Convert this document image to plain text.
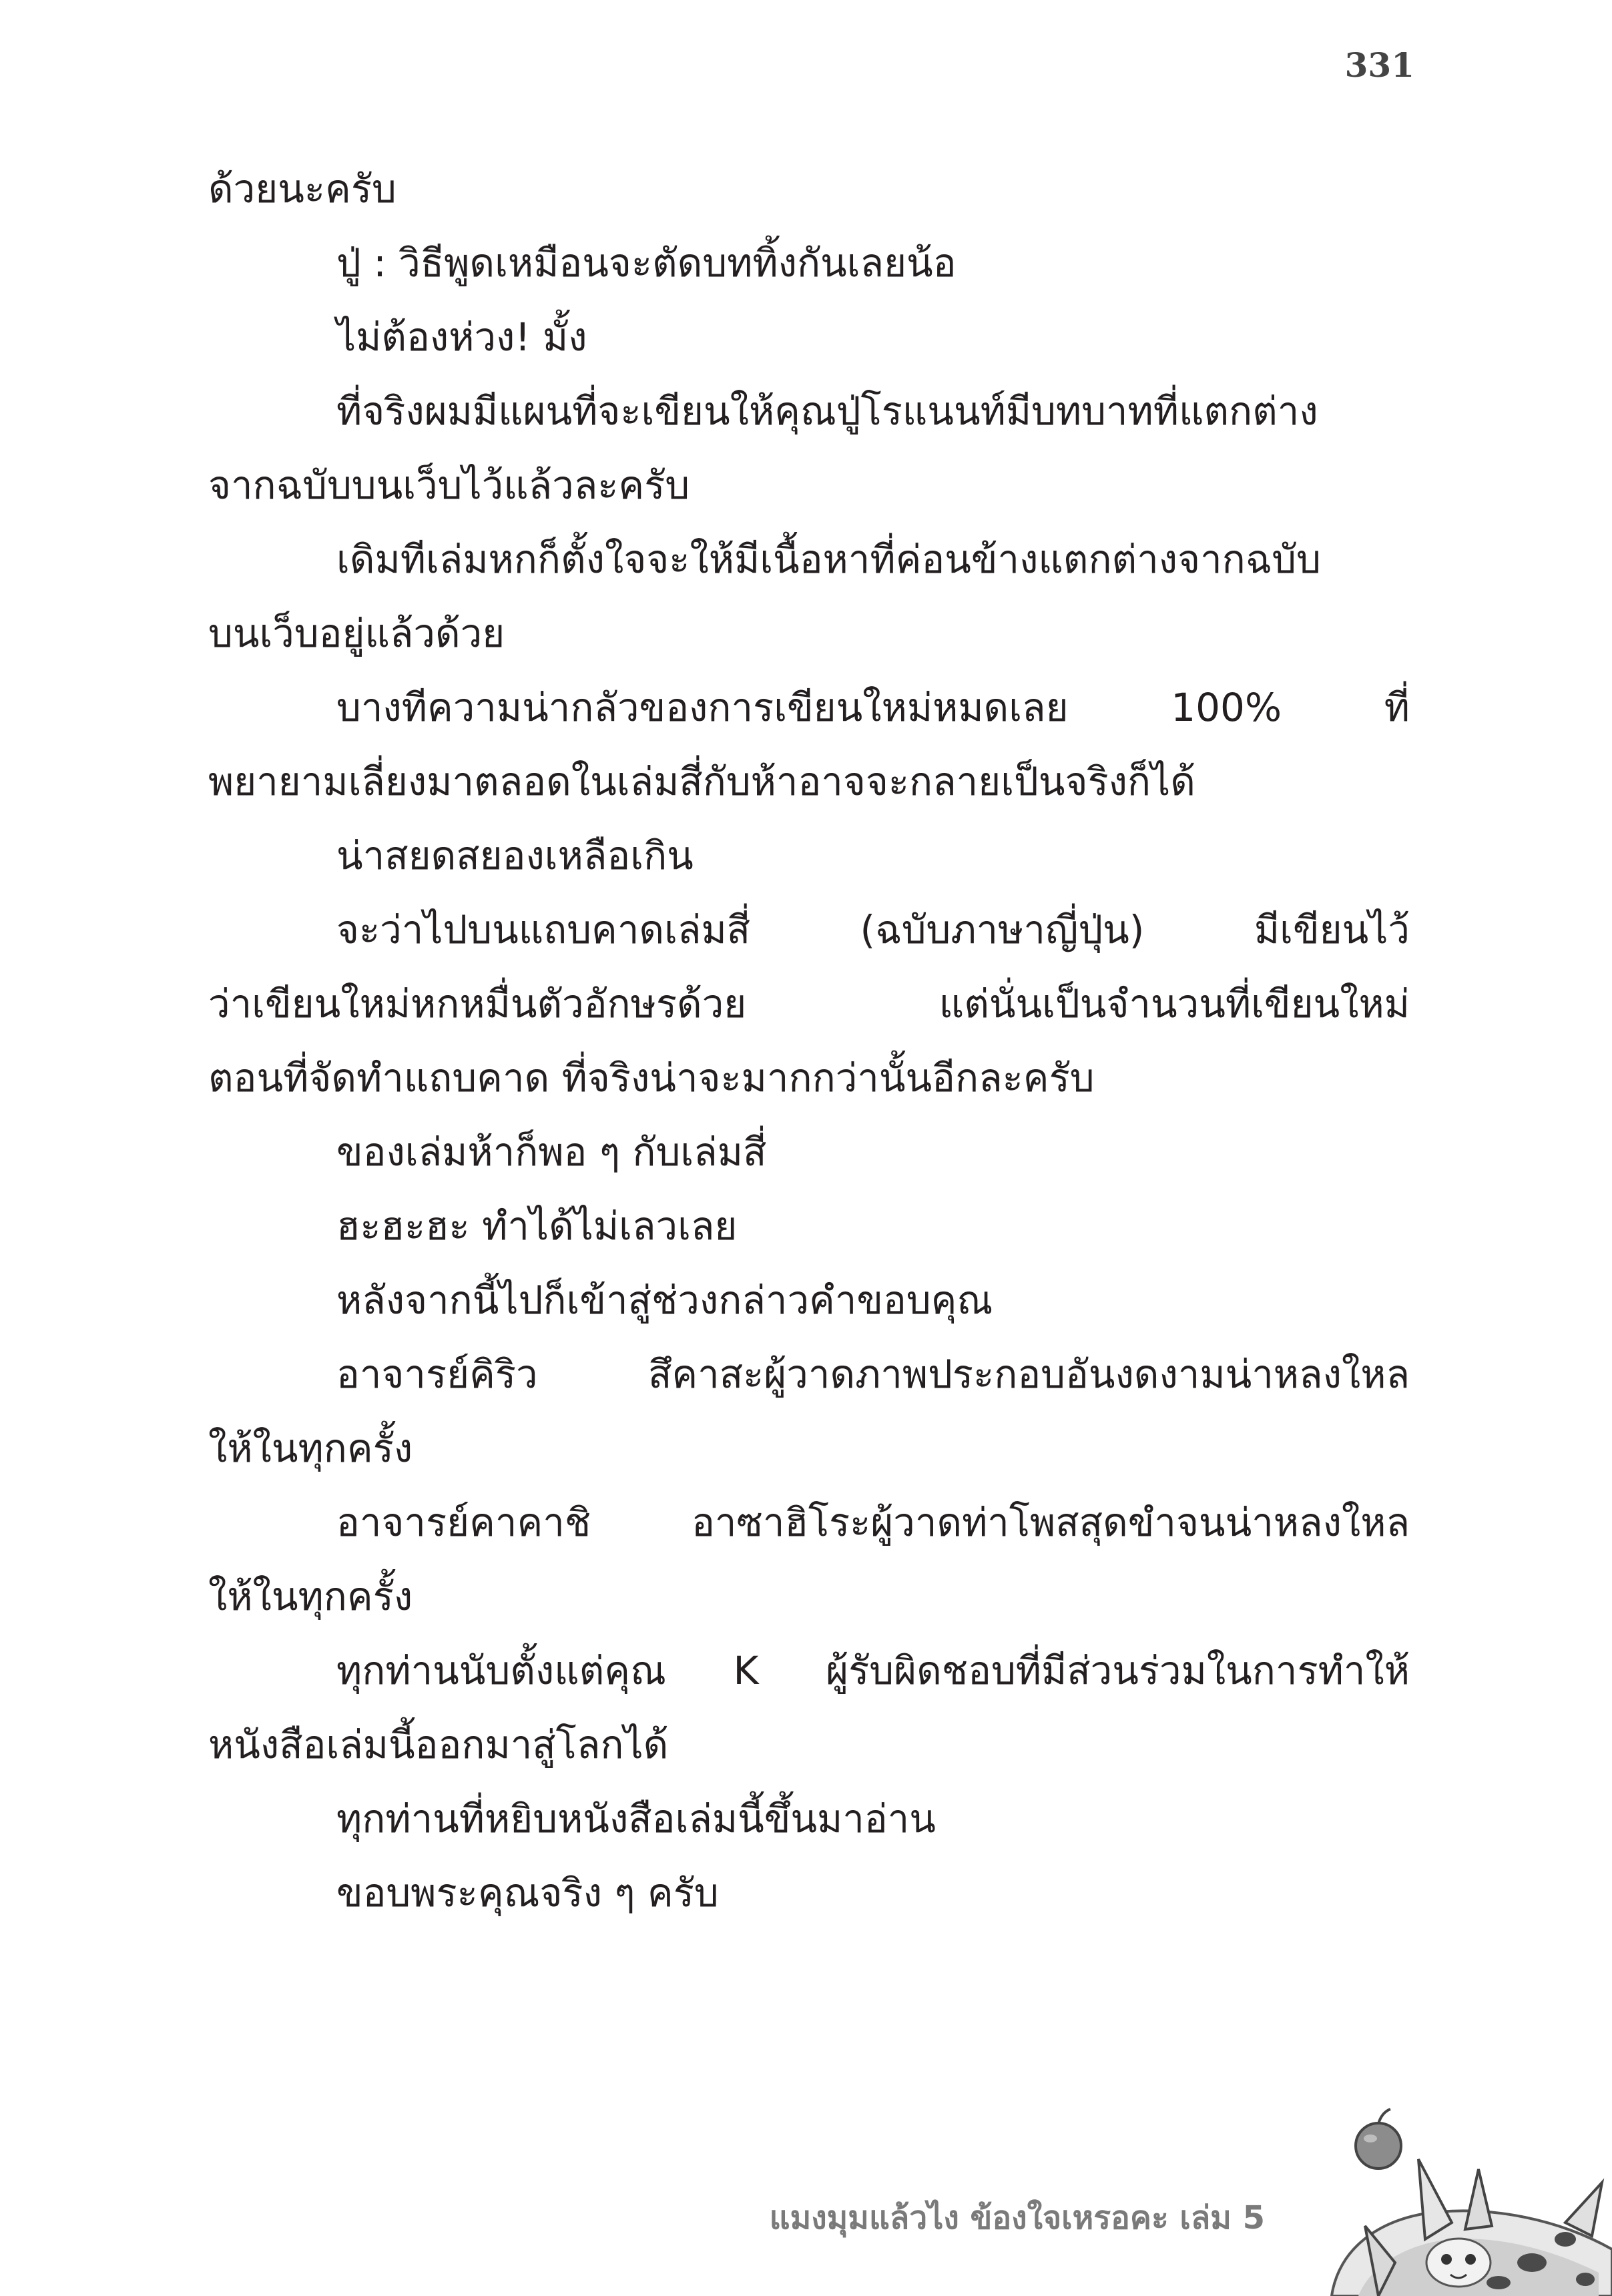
331
ด้วยนะครับ
ปู่ : วิธีพูดเหมือนจะตัดบททิ้งกันเลยน้อ
ไม่ต้องห่วง! มั้ง
ที่จริงผมมีแผนที่จะเขียนให้คุณปู่โรแนนท์มีบทบาทที่แตกต่าง
จากฉบับบนเว็บไว้แล้วละครับ
เดิมทีเล่มหกก็ตั้งใจจะให้มีเนื้อหาที่ค่อนข้างแตกต่างจากฉบับ
บนเว็บอยู่แล้วด้วย
บางทีความน่ากลัวของการเขียนใหม่หมดเลย 100% ที่
พยายามเลี่ยงมาตลอดในเล่มสี่กับห้าอาจจะกลายเป็นจริงก็ได้
น่าสยดสยองเหลือเกิน
จะว่าไปบนแถบคาดเล่มสี่ (ฉบับภาษาญี่ปุ่น) มีเขียนไว้
ว่าเขียนใหม่หกหมื่นตัวอักษรด้วย แต่นั่นเป็นจำนวนที่เขียนใหม่
ตอนที่จัดทำแถบคาด ที่จริงน่าจะมากกว่านั้นอีกละครับ
ของเล่มห้าก็พอ ๆ กับเล่มสี่
ฮะฮะฮะ ทำได้ไม่เลวเลย
หลังจากนี้ไปก็เข้าสู่ช่วงกล่าวคำขอบคุณ
อาจารย์คิริว สึคาสะผู้วาดภาพประกอบอันงดงามน่าหลงใหล
ให้ในทุกครั้ง
อาจารย์คาคาชิ อาซาฮิโระผู้วาดท่าโพสสุดขำจนน่าหลงใหล
ให้ในทุกครั้ง
ทุกท่านนับตั้งแต่คุณ K ผู้รับผิดชอบที่มีส่วนร่วมในการทำให้
หนังสือเล่มนี้ออกมาสู่โลกได้
ทุกท่านที่หยิบหนังสือเล่มนี้ขึ้นมาอ่าน
ขอบพระคุณจริง ๆ ครับ
แมงมุมแล้วไง ข้องใจเหรอคะ เล่ม 5
